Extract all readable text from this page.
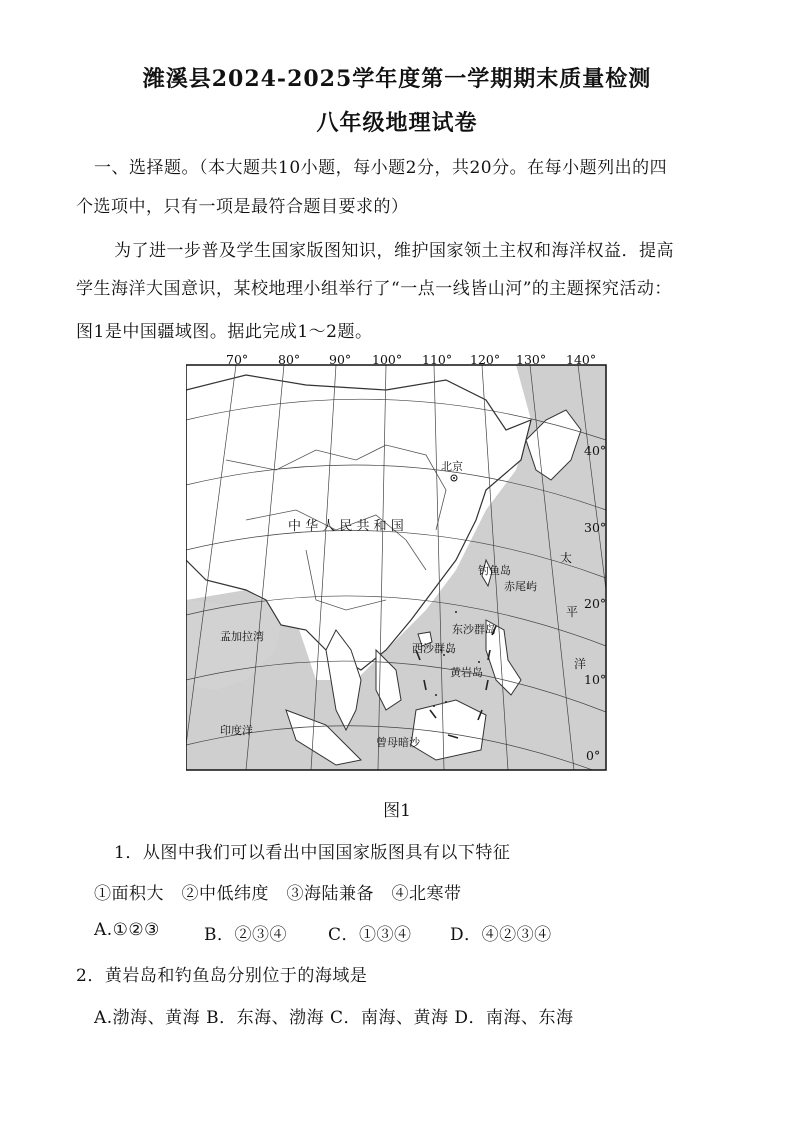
潍溪县2024-2025学年度第一学期期末质量检测
八年级地理试卷
一、选择题。（本大题共10小题，每小题2分，共20分。在每小题列出的四
个选项中，只有一项是最符合题目要求的）
为了进一步普及学生国家版图知识，维护国家领土主权和海洋权益．提高
学生海洋大国意识，某校地理小组举行了“一点一线皆山河”的主题探究活动：
图1是中国疆域图。据此完成1～2题。
70° 80° 90° 100° 110° 120° 130° 140°
40°
30°
20°
10°
0°
中 华 人 民 共 和 国
北京
钓鱼岛
赤尾屿
东沙群岛
西沙群岛
黄岩岛
曾母暗沙
孟加拉湾
印度洋
太
平
洋
图1
1．从图中我们可以看出中国国家版图具有以下特征
①面积大　②中低纬度　③海陆兼备　④北寒带
A.①②③	B．②③④ C．①③④ D．④②③④
2．黄岩岛和钓鱼岛分别位于的海域是
A.渤海、黄海 B．东海、渤海 C．南海、黄海 D．南海、东海
